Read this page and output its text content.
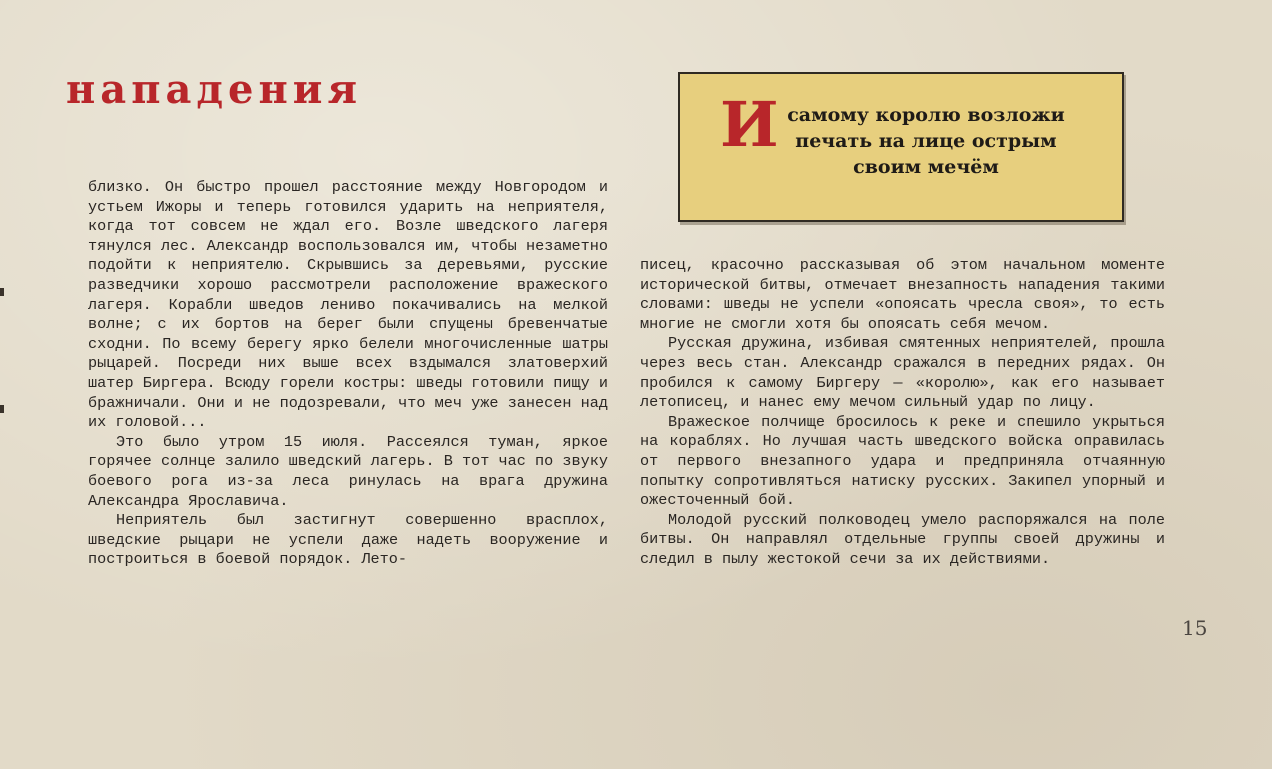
нападения	И самому королю возложи
печать на лице острым
своим мечём

близко. Он быстро прошел расстояние между Новгородом и устьем Ижоры и теперь готовился ударить на неприятеля, когда тот совсем не ждал его. Возле шведского лагеря тянулся лес. Александр воспользовался им, чтобы незаметно подойти к неприятелю. Скрывшись за деревьями, русские разведчики хорошо рассмотрели расположение вражеского лагеря. Корабли шведов лениво покачивались на мелкой волне; с их бортов на берег были спущены бревенчатые сходни. По всему берегу ярко белели многочисленные шатры рыцарей. Посреди них выше всех вздымался златоверхий шатер Биргера. Всюду горели костры: шведы готовили пищу и бражничали. Они и не подозревали, что меч уже занесен над их головой...

Это было утром 15 июля. Рассеялся туман, яркое горячее солнце залило шведский лагерь. В тот час по звуку боевого рога из-за леса ринулась на врага дружина Александра Ярославича.

Неприятель был застигнут совершенно врасплох, шведские рыцари не успели даже надеть вооружение и построиться в боевой порядок. Лето-

писец, красочно рассказывая об этом начальном моменте исторической битвы, отмечает внезапность нападения такими словами: шведы не успели «опоясать чресла своя», то есть многие не смогли хотя бы опоясать себя мечом.

Русская дружина, избивая смятенных неприятелей, прошла через весь стан. Александр сражался в передних рядах. Он пробился к самому Биргеру — «королю», как его называет летописец, и нанес ему мечом сильный удар по лицу.

Вражеское полчище бросилось к реке и спешило укрыться на кораблях. Но лучшая часть шведского войска оправилась от первого внезапного удара и предприняла отчаянную попытку сопротивляться натиску русских. Закипел упорный и ожесточенный бой.

Молодой русский полководец умело распоряжался на поле битвы. Он направлял отдельные группы своей дружины и следил в пылу жестокой сечи за их действиями.

15
